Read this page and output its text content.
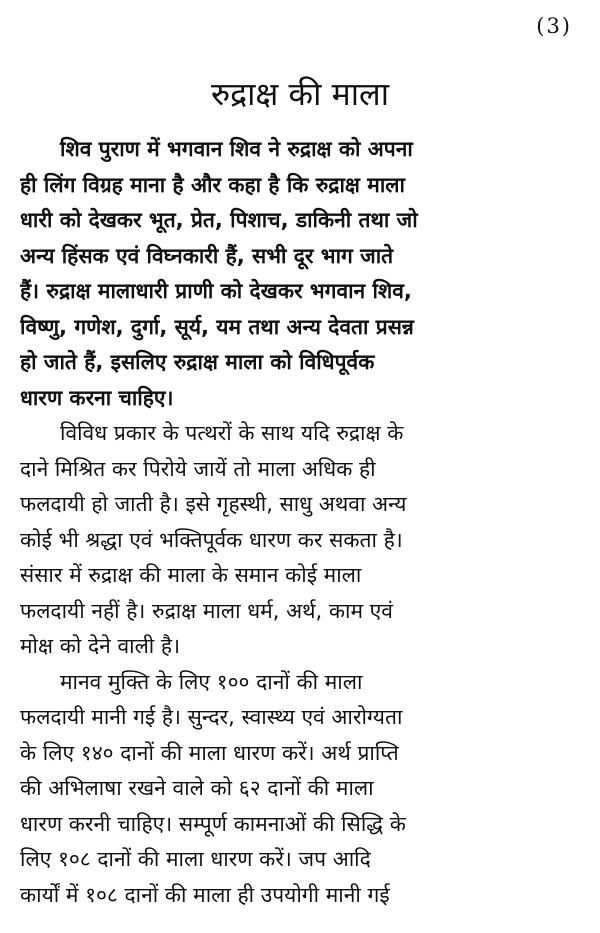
(3)
रुद्राक्ष की माला

शिव पुराण में भगवान शिव ने रुद्राक्ष को अपना
ही लिंग विग्रह माना है और कहा है कि रुद्राक्ष माला
धारी को देखकर भूत, प्रेत, पिशाच, डाकिनी तथा जो
अन्य हिंसक एवं विघ्नकारी हैं, सभी दूर भाग जाते
हैं। रुद्राक्ष मालाधारी प्राणी को देखकर भगवान शिव,
विष्णु, गणेश, दुर्गा, सूर्य, यम तथा अन्य देवता प्रसन्न
हो जाते हैं, इसलिए रुद्राक्ष माला को विधिपूर्वक
धारण करना चाहिए।

विविध प्रकार के पत्थरों के साथ यदि रुद्राक्ष के
दाने मिश्रित कर पिरोये जायें तो माला अधिक ही
फलदायी हो जाती है। इसे गृहस्थी, साधु अथवा अन्य
कोई भी श्रद्धा एवं भक्तिपूर्वक धारण कर सकता है।
संसार में रुद्राक्ष की माला के समान कोई माला
फलदायी नहीं है। रुद्राक्ष माला धर्म, अर्थ, काम एवं
मोक्ष को देने वाली है।

मानव मुक्ति के लिए १०० दानों की माला
फलदायी मानी गई है। सुन्दर, स्वास्थ्य एवं आरोग्यता
के लिए १४० दानों की माला धारण करें। अर्थ प्राप्ति
की अभिलाषा रखने वाले को ६२ दानों की माला
धारण करनी चाहिए। सम्पूर्ण कामनाओं की सिद्धि के
लिए १०८ दानों की माला धारण करें। जप आदि
कार्यों में १०८ दानों की माला ही उपयोगी मानी गई
